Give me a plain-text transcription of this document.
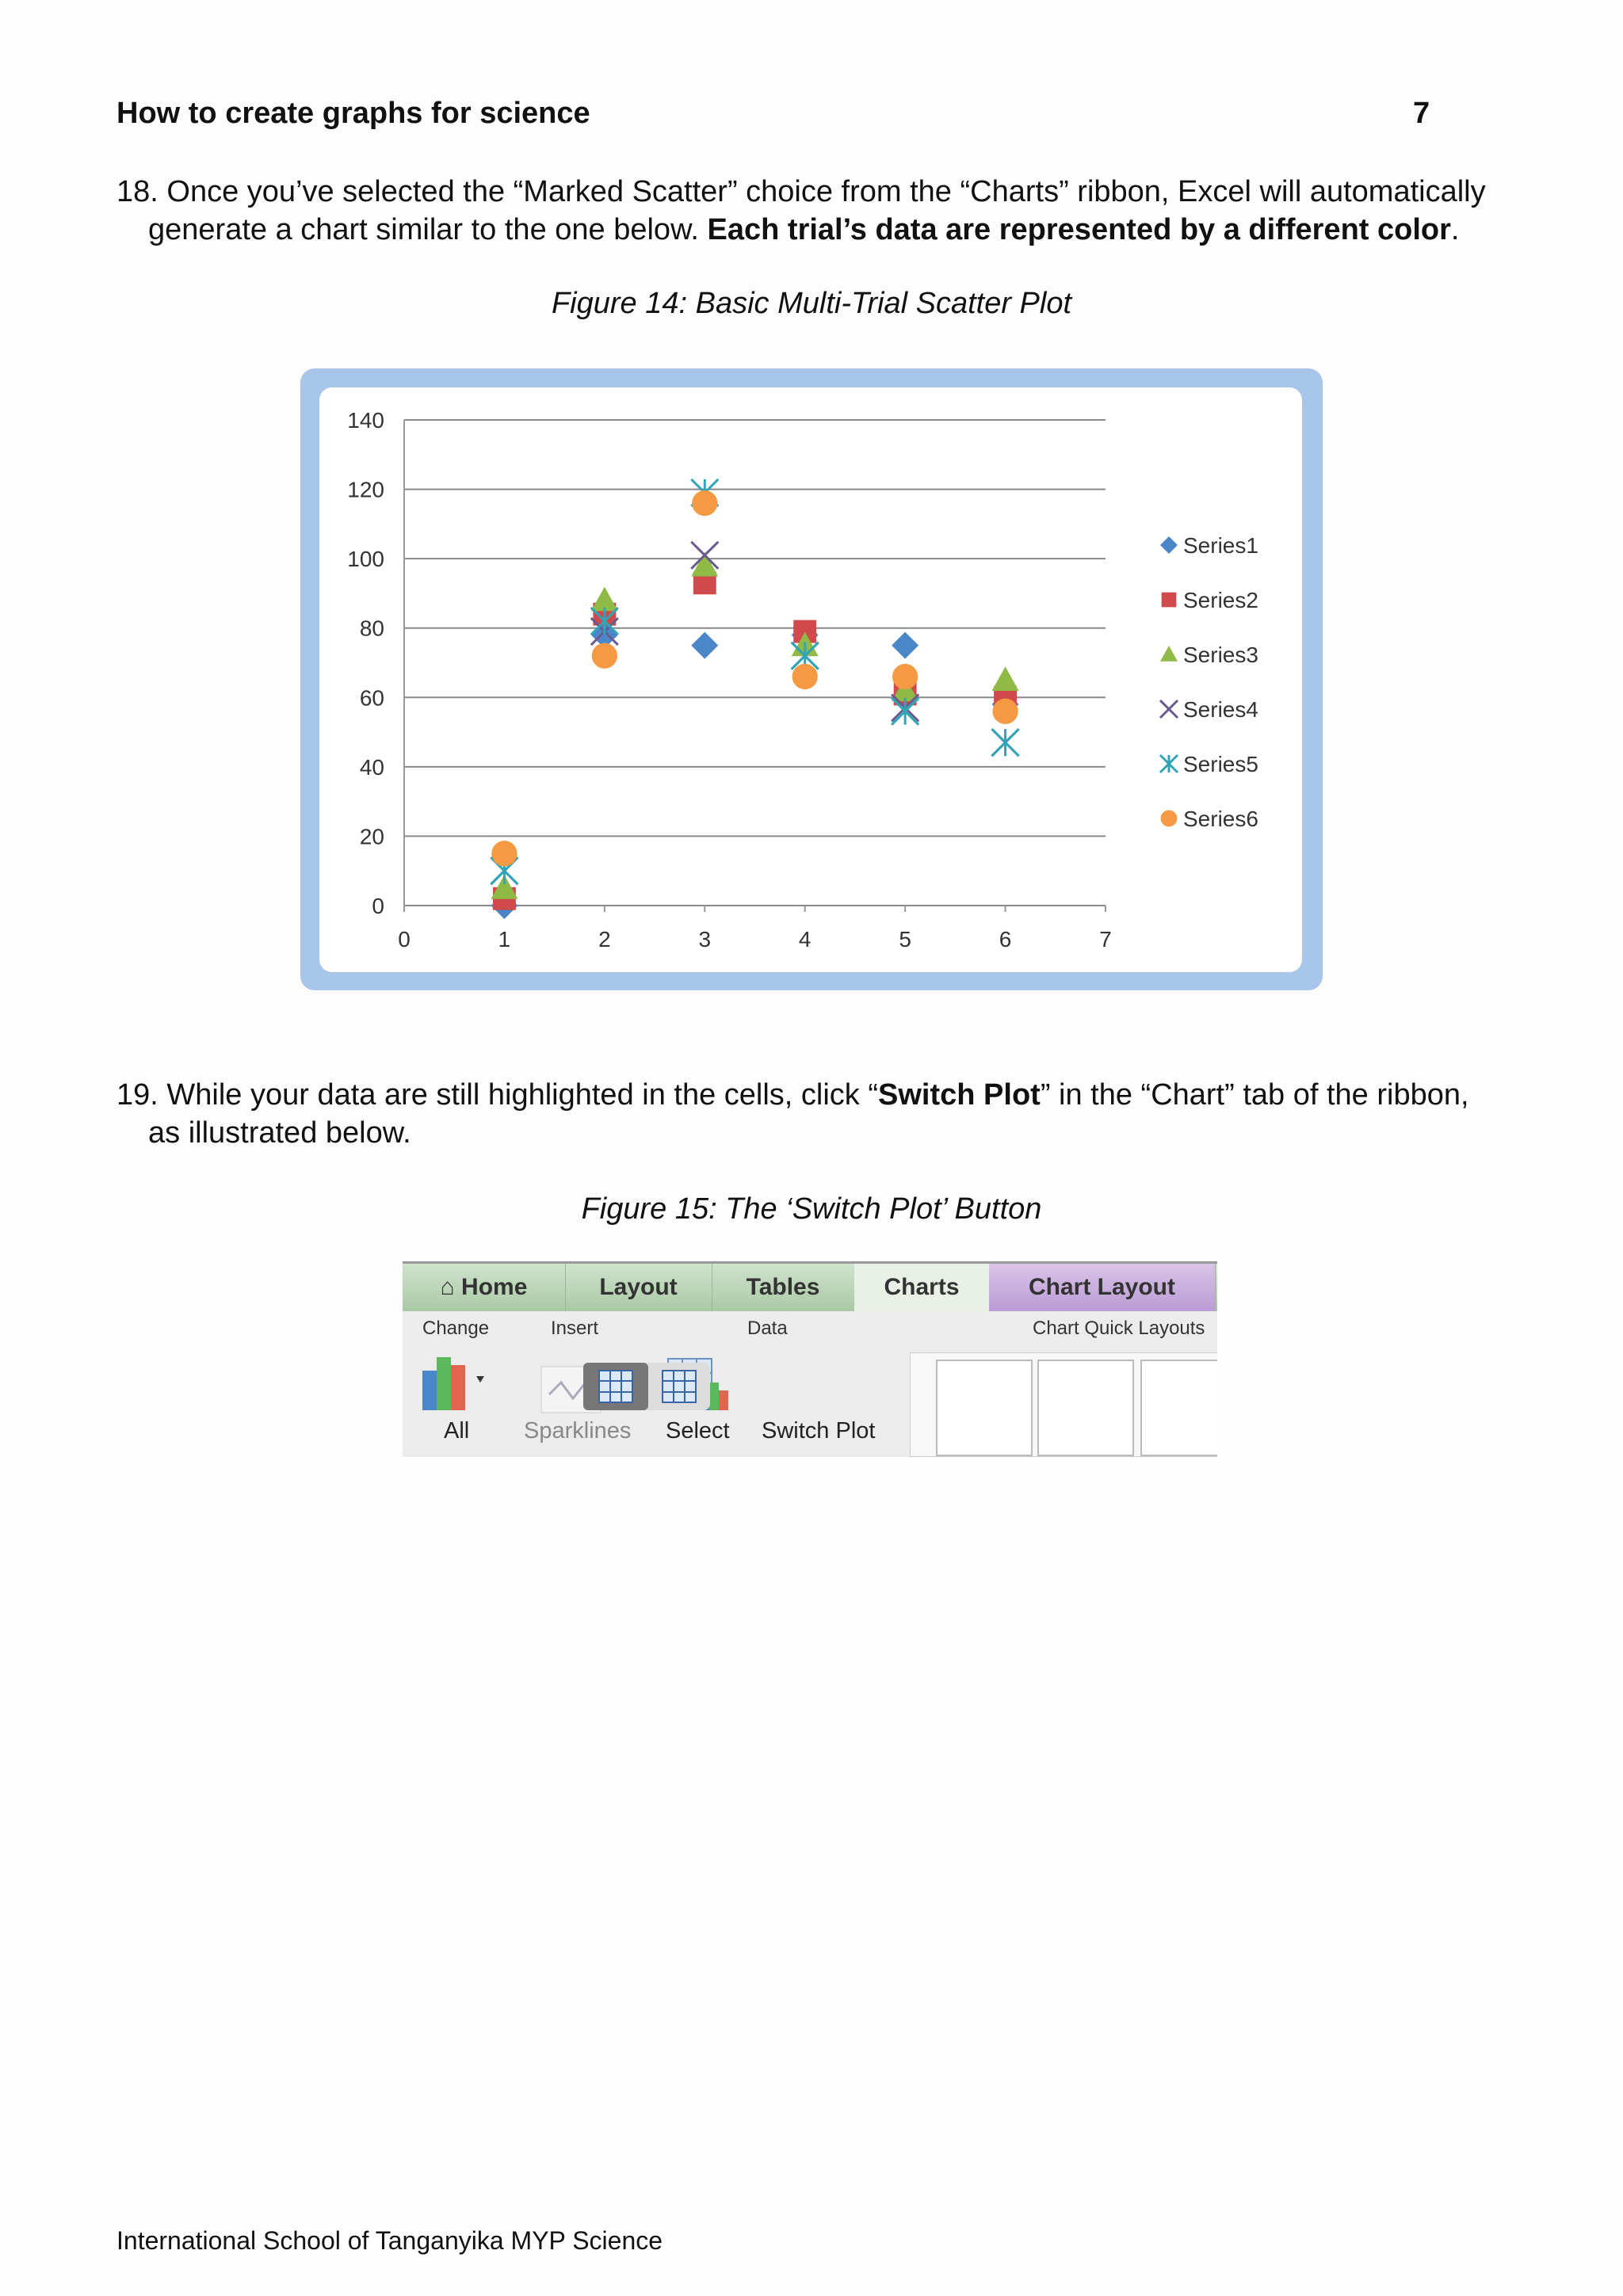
How to create graphs for science	7
18. Once you’ve selected the “Marked Scatter” choice from the “Charts” ribbon, Excel will automatically
generate a chart similar to the one below. Each trial’s data are represented by a different color.
Figure 14: Basic Multi-Trial Scatter Plot
0
20
40
60
80
100
120
140
0	1	2	3	4	5	6	7
Series1
Series2
Series3
Series4
Series5
Series6
19. While your data are still highlighted in the cells, click “Switch Plot” in the “Chart” tab of the ribbon,
as illustrated below.
Figure 15: The ‘Switch Plot’ Button
⌂ Home	Layout	Tables	Charts	Chart Layout
Change	Insert	Data	Chart Quick Layouts
All Sparklines Select Switch Plot
International School of Tanganyika MYP Science
